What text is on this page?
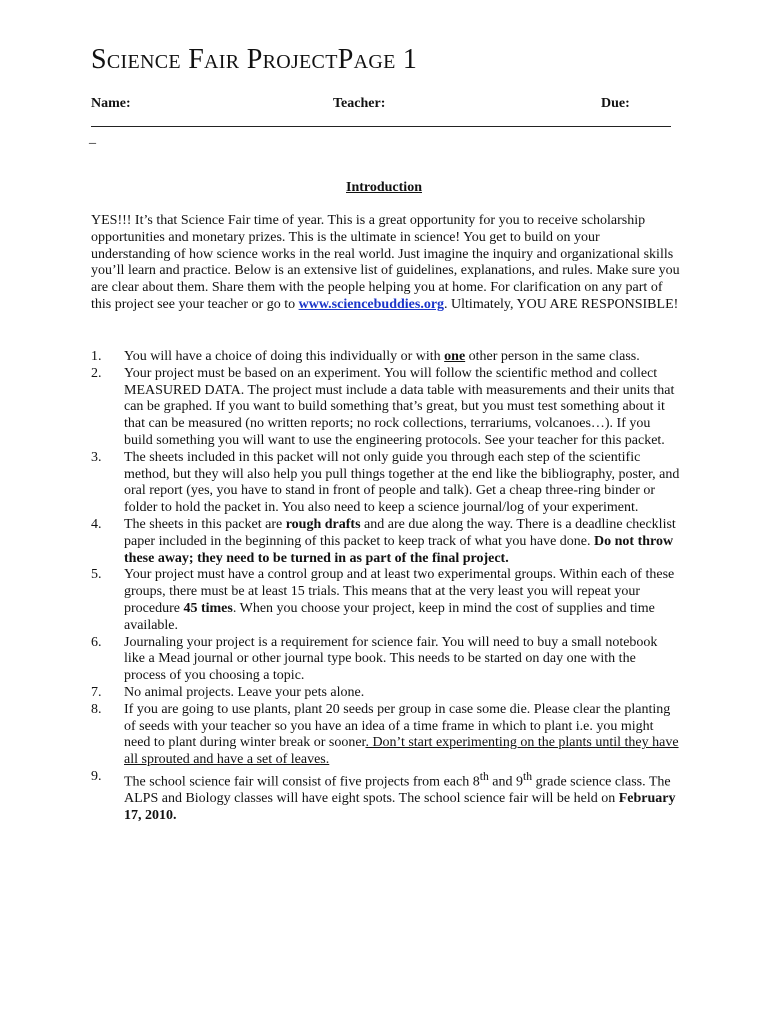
Science Fair ProjectPage 1
Name:	Teacher:	Due:
_
Introduction

YES!!! It’s that Science Fair time of year. This is a great opportunity for you to receive scholarship opportunities and monetary prizes. This is the ultimate in science! You get to build on your understanding of how science works in the real world. Just imagine the inquiry and organizational skills you’ll learn and practice. Below is an extensive list of guidelines, explanations, and rules. Make sure you are clear about them. Share them with the people helping you at home. For clarification on any part of this project see your teacher or go to www.sciencebuddies.org. Ultimately, YOU ARE RESPONSIBLE!

1. You will have a choice of doing this individually or with one other person in the same class.
2. Your project must be based on an experiment. You will follow the scientific method and collect MEASURED DATA. The project must include a data table with measurements and their units that can be graphed. If you want to build something that’s great, but you must test something about it that can be measured (no written reports; no rock collections, terrariums, volcanoes…). If you build something you will want to use the engineering protocols. See your teacher for this packet.
3. The sheets included in this packet will not only guide you through each step of the scientific method, but they will also help you pull things together at the end like the bibliography, poster, and oral report (yes, you have to stand in front of people and talk). Get a cheap three-ring binder or folder to hold the packet in. You also need to keep a science journal/log of your experiment.
4. The sheets in this packet are rough drafts and are due along the way. There is a deadline checklist paper included in the beginning of this packet to keep track of what you have done. Do not throw these away; they need to be turned in as part of the final project.
5. Your project must have a control group and at least two experimental groups. Within each of these groups, there must be at least 15 trials. This means that at the very least you will repeat your procedure 45 times. When you choose your project, keep in mind the cost of supplies and time available.
6. Journaling your project is a requirement for science fair. You will need to buy a small notebook like a Mead journal or other journal type book. This needs to be started on day one with the process of you choosing a topic.
7. No animal projects. Leave your pets alone.
8. If you are going to use plants, plant 20 seeds per group in case some die. Please clear the planting of seeds with your teacher so you have an idea of a time frame in which to plant i.e. you might need to plant during winter break or sooner. Don’t start experimenting on the plants until they have all sprouted and have a set of leaves.
9. The school science fair will consist of five projects from each 8th and 9th grade science class. The ALPS and Biology classes will have eight spots. The school science fair will be held on February 17, 2010.
